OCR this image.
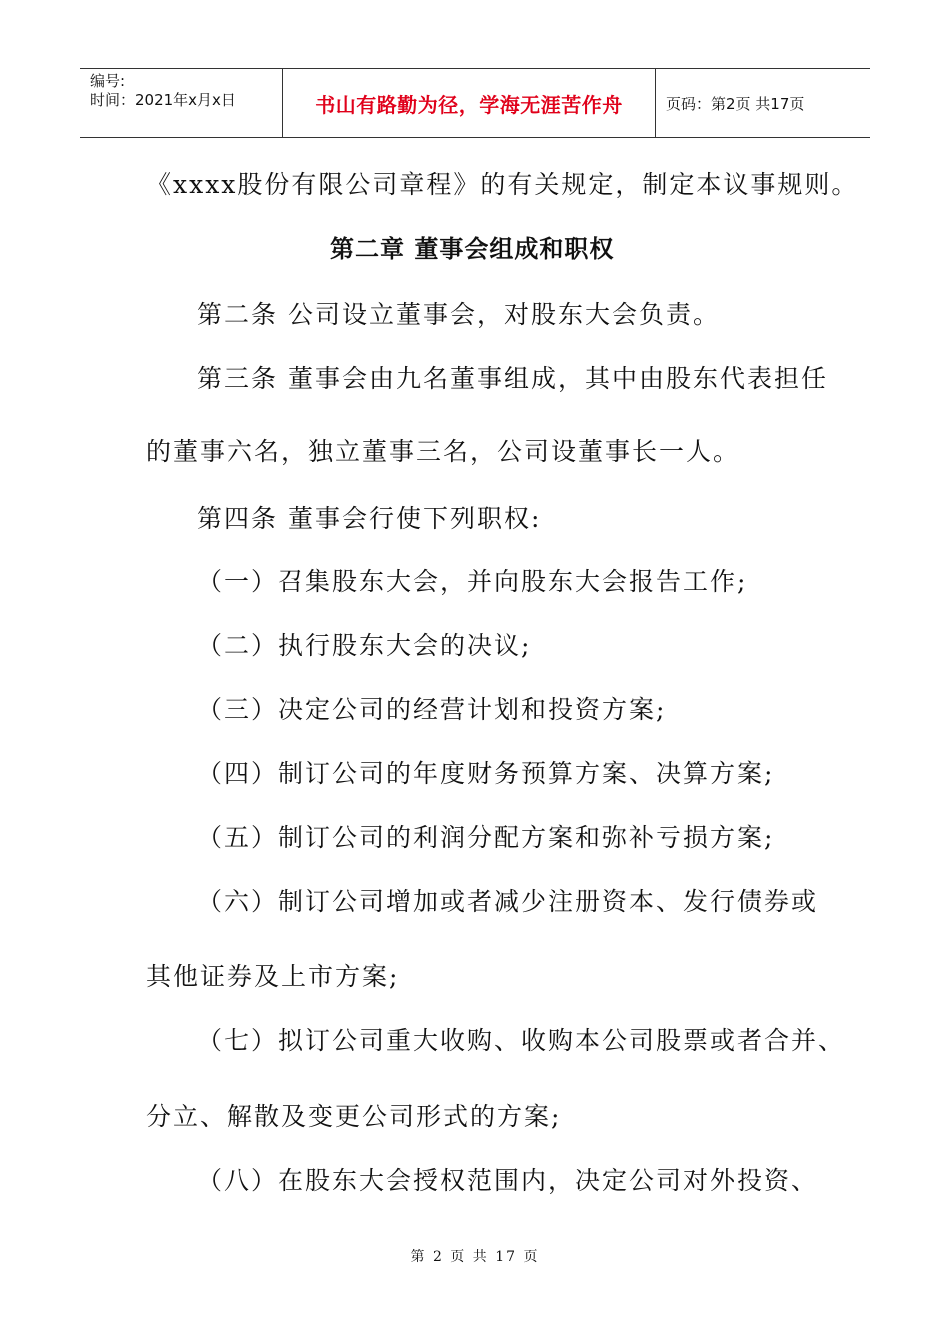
编号:
时间：2021年x月x日	书山有路勤为径，学海无涯苦作舟	页码：第2页 共17页
《xxxx股份有限公司章程》的有关规定，制定本议事规则。
第二章 董事会组成和职权
第二条 公司设立董事会，对股东大会负责。
第三条 董事会由九名董事组成，其中由股东代表担任
的董事六名，独立董事三名，公司设董事长一人。
第四条 董事会行使下列职权:
（一）召集股东大会，并向股东大会报告工作;
（二）执行股东大会的决议;
（三）决定公司的经营计划和投资方案;
（四）制订公司的年度财务预算方案、决算方案;
（五）制订公司的利润分配方案和弥补亏损方案;
（六）制订公司增加或者减少注册资本、发行债券或
其他证券及上市方案;
（七）拟订公司重大收购、收购本公司股票或者合并、
分立、解散及变更公司形式的方案;
（八）在股东大会授权范围内，决定公司对外投资、
第 2 页 共 17 页
